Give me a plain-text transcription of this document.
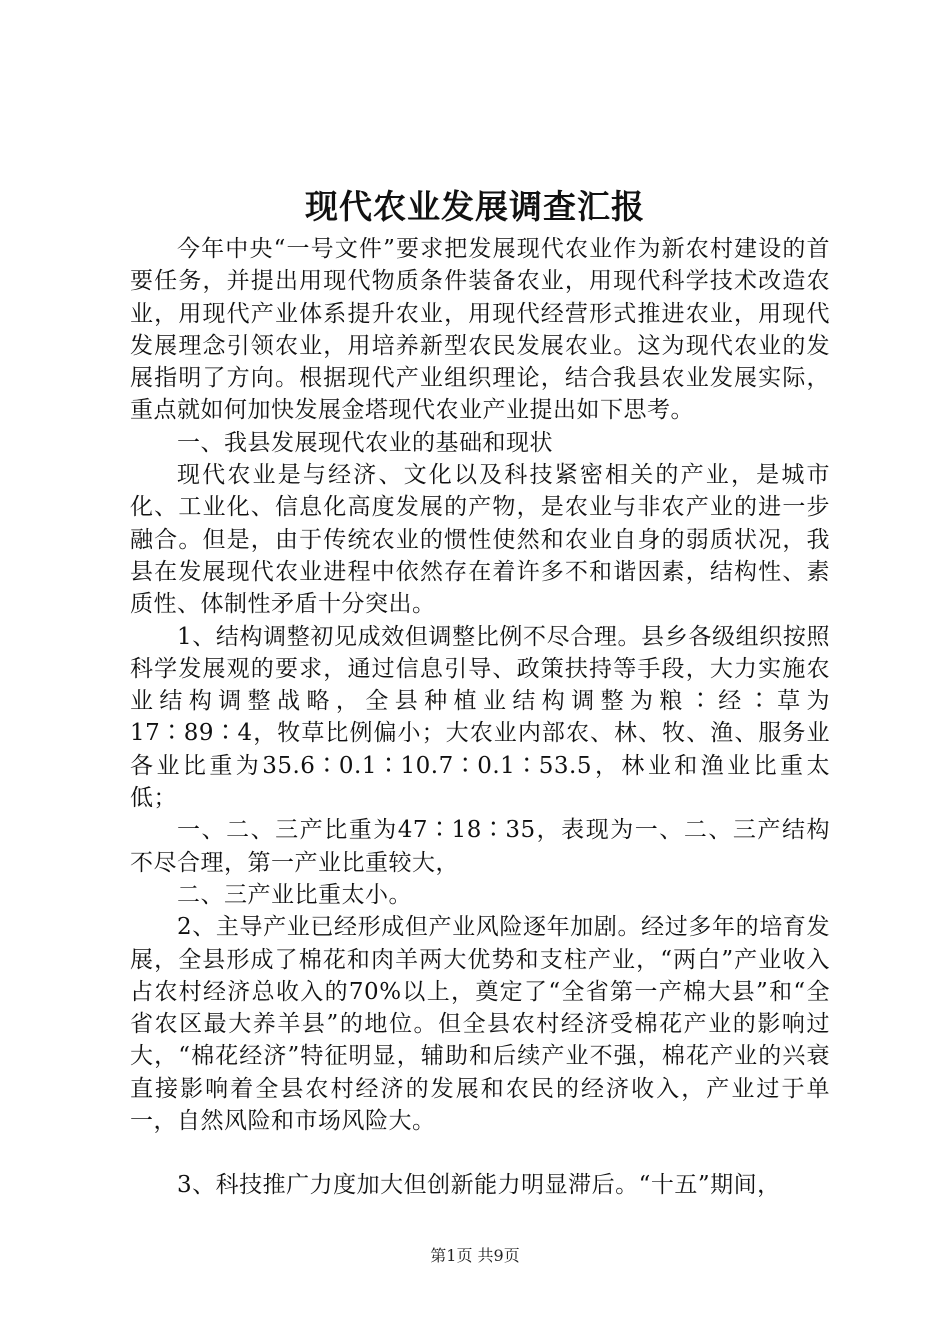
现代农业发展调查汇报

今年中央“一号文件”要求把发展现代农业作为新农村建设的首要任务，并提出用现代物质条件装备农业，用现代科学技术改造农业，用现代产业体系提升农业，用现代经营形式推进农业，用现代发展理念引领农业，用培养新型农民发展农业。这为现代农业的发展指明了方向。根据现代产业组织理论，结合我县农业发展实际，重点就如何加快发展金塔现代农业产业提出如下思考。

一、我县发展现代农业的基础和现状

现代农业是与经济、文化以及科技紧密相关的产业，是城市化、工业化、信息化高度发展的产物，是农业与非农产业的进一步融合。但是，由于传统农业的惯性使然和农业自身的弱质状况，我县在发展现代农业进程中依然存在着许多不和谐因素，结构性、素质性、体制性矛盾十分突出。

1、结构调整初见成效但调整比例不尽合理。县乡各级组织按照科学发展观的要求，通过信息引导、政策扶持等手段，大力实施农业结构调整战略，全县种植业结构调整为粮∶经∶草为17∶89∶4，牧草比例偏小；大农业内部农、林、牧、渔、服务业各业比重为35.6∶0.1∶10.7∶0.1∶53.5，林业和渔业比重太低；

一、二、三产比重为47∶18∶35，表现为一、二、三产结构不尽合理，第一产业比重较大，

二、三产业比重太小。

2、主导产业已经形成但产业风险逐年加剧。经过多年的培育发展，全县形成了棉花和肉羊两大优势和支柱产业，“两白”产业收入占农村经济总收入的70%以上，奠定了“全省第一产棉大县”和“全省农区最大养羊县”的地位。但全县农村经济受棉花产业的影响过大，“棉花经济”特征明显，辅助和后续产业不强，棉花产业的兴衰直接影响着全县农村经济的发展和农民的经济收入，产业过于单一，自然风险和市场风险大。

3、科技推广力度加大但创新能力明显滞后。“十五”期间，

第1页 共9页
